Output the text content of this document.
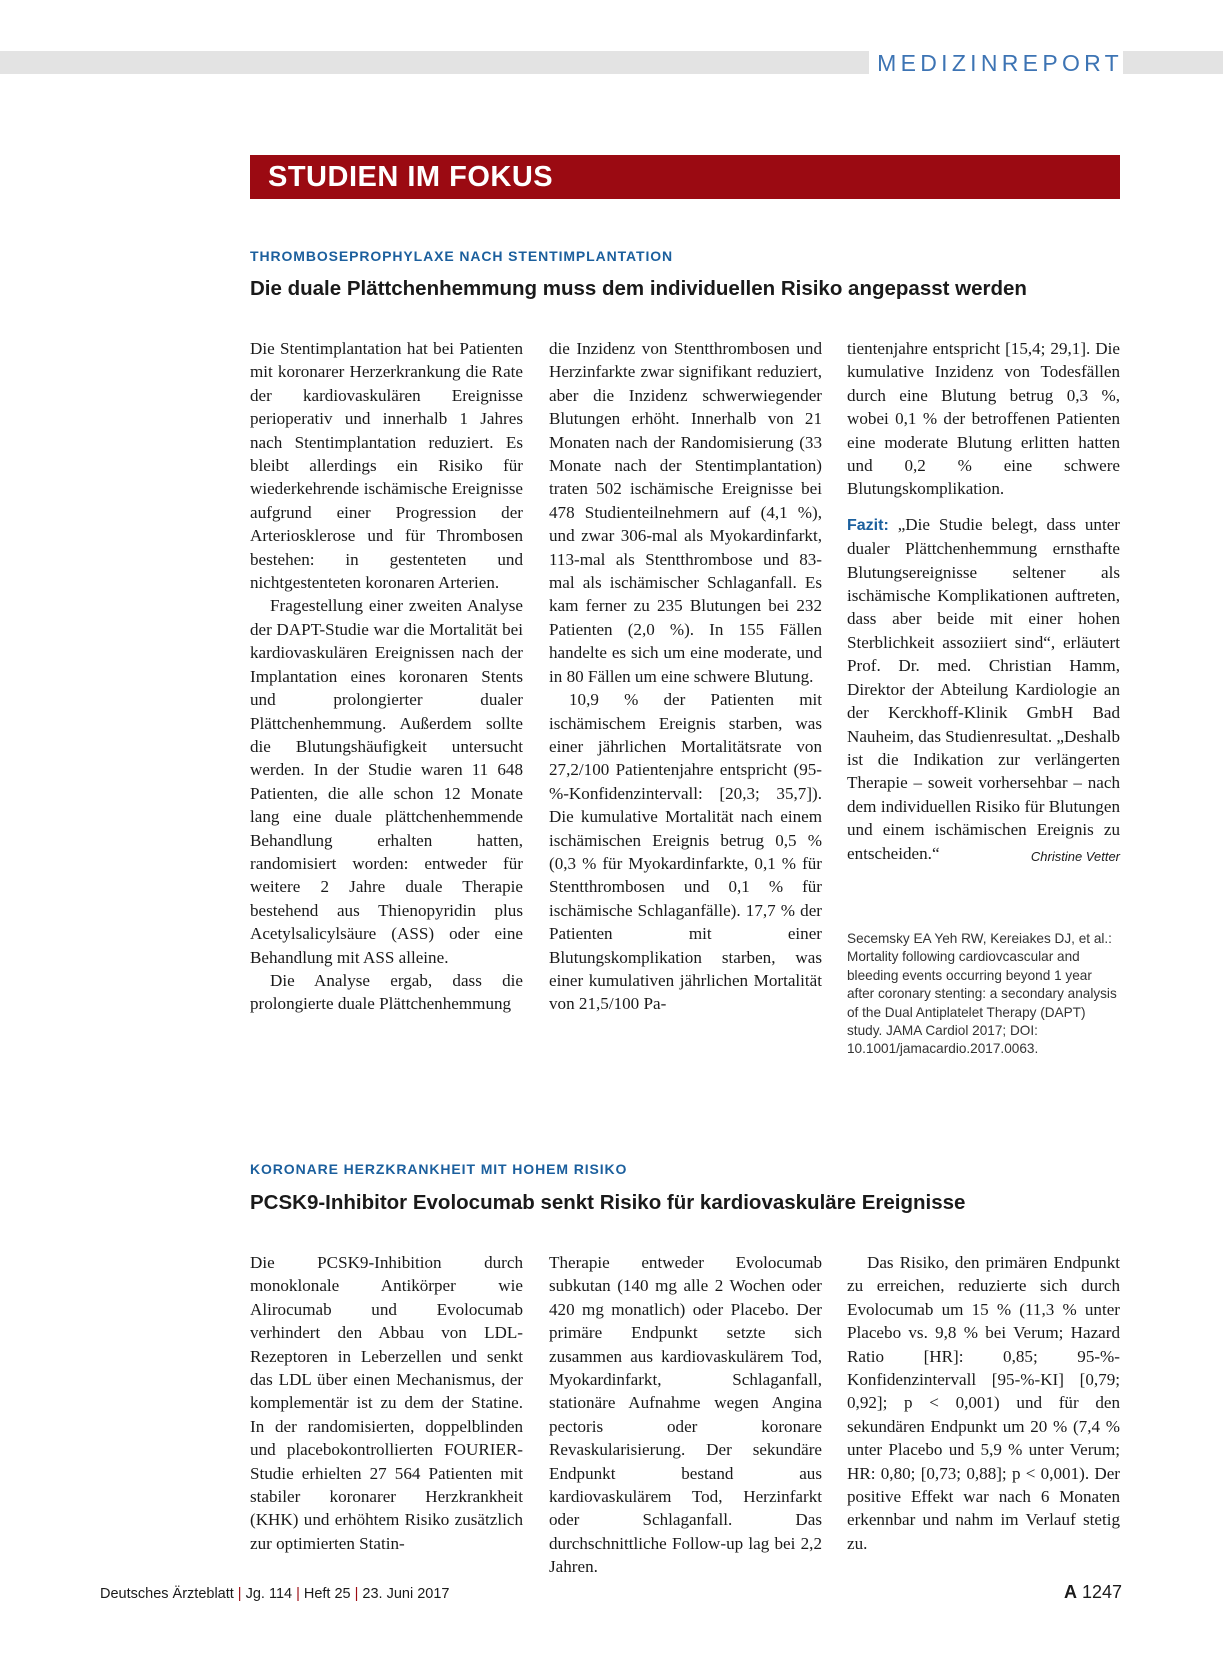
MEDIZINREPORT
STUDIEN IM FOKUS
THROMBOSEPROPHYLAXE NACH STENTIMPLANTATION
Die duale Plättchenhemmung muss dem individuellen Risiko angepasst werden

Die Stentimplantation hat bei Patienten mit koronarer Herzerkrankung die Rate der kardiovaskulären Ereignisse perioperativ und innerhalb 1 Jahres nach Stentimplantation reduziert. Es bleibt allerdings ein Risiko für wiederkehrende ischämische Ereignisse aufgrund einer Progression der Arteriosklerose und für Thrombosen bestehen: in gestenteten und nichtgestenteten koronaren Arterien.

Fragestellung einer zweiten Analyse der DAPT-Studie war die Mortalität bei kardiovaskulären Ereignissen nach der Implantation eines koronaren Stents und prolongierter dualer Plättchenhemmung. Außerdem sollte die Blutungshäufigkeit untersucht werden. In der Studie waren 11 648 Patienten, die alle schon 12 Monate lang eine duale plättchenhemmende Behandlung erhalten hatten, randomisiert worden: entweder für weitere 2 Jahre duale Therapie bestehend aus Thienopyridin plus Acetylsalicylsäure (ASS) oder eine Behandlung mit ASS alleine.

Die Analyse ergab, dass die prolongierte duale Plättchenhemmung

die Inzidenz von Stentthrombosen und Herzinfarkte zwar signifikant reduziert, aber die Inzidenz schwerwiegender Blutungen erhöht. Innerhalb von 21 Monaten nach der Randomisierung (33 Monate nach der Stentimplantation) traten 502 ischämische Ereignisse bei 478 Studienteilnehmern auf (4,1 %), und zwar 306-mal als Myokardinfarkt, 113-mal als Stentthrombose und 83-mal als ischämischer Schlaganfall. Es kam ferner zu 235 Blutungen bei 232 Patienten (2,0 %). In 155 Fällen handelte es sich um eine moderate, und in 80 Fällen um eine schwere Blutung.

10,9 % der Patienten mit ischämischem Ereignis starben, was einer jährlichen Mortalitätsrate von 27,2/100 Patientenjahre entspricht (95-%-Konfidenzintervall: [20,3; 35,7]). Die kumulative Mortalität nach einem ischämischen Ereignis betrug 0,5 % (0,3 % für Myokardinfarkte, 0,1 % für Stentthrombosen und 0,1 % für ischämische Schlaganfälle). 17,7 % der Patienten mit einer Blutungskomplikation starben, was einer kumulativen jährlichen Mortalität von 21,5/100 Pa-

tientenjahre entspricht [15,4; 29,1]. Die kumulative Inzidenz von Todesfällen durch eine Blutung betrug 0,3 %, wobei 0,1 % der betroffenen Patienten eine moderate Blutung erlitten hatten und 0,2 % eine schwere Blutungskomplikation.

Fazit: „Die Studie belegt, dass unter dualer Plättchenhemmung ernsthafte Blutungsereignisse seltener als ischämische Komplikationen auftreten, dass aber beide mit einer hohen Sterblichkeit assoziiert sind“, erläutert Prof. Dr. med. Christian Hamm, Direktor der Abteilung Kardiologie an der Kerckhoff-Klinik GmbH Bad Nauheim, das Studienresultat. „Deshalb ist die Indikation zur verlängerten Therapie – soweit vorhersehbar – nach dem individuellen Risiko für Blutungen und einem ischämischen Ereignis zu entscheiden.“	Christine Vetter

Secemsky EA Yeh RW, Kereiakes DJ, et al.: Mortality following cardiovcascular and bleeding events occurring beyond 1 year after coronary stenting: a secondary analysis of the Dual Antiplatelet Therapy (DAPT) study. JAMA Cardiol 2017; DOI: 10.1001/jamacardio.2017.0063.
KORONARE HERZKRANKHEIT MIT HOHEM RISIKO
PCSK9-Inhibitor Evolocumab senkt Risiko für kardiovaskuläre Ereignisse

Die PCSK9-Inhibition durch monoklonale Antikörper wie Alirocumab und Evolocumab verhindert den Abbau von LDL-Rezeptoren in Leberzellen und senkt das LDL über einen Mechanismus, der komplementär ist zu dem der Statine. In der randomisierten, doppelblinden und placebokontrollierten FOURIER-Studie erhielten 27 564 Patienten mit stabiler koronarer Herzkrankheit (KHK) und erhöhtem Risiko zusätzlich zur optimierten Statin-

Therapie entweder Evolocumab subkutan (140 mg alle 2 Wochen oder 420 mg monatlich) oder Placebo. Der primäre Endpunkt setzte sich zusammen aus kardiovaskulärem Tod, Myokardinfarkt, Schlaganfall, stationäre Aufnahme wegen Angina pectoris oder koronare Revaskularisierung. Der sekundäre Endpunkt bestand aus kardiovaskulärem Tod, Herzinfarkt oder Schlaganfall. Das durchschnittliche Follow-up lag bei 2,2 Jahren.

Das Risiko, den primären Endpunkt zu erreichen, reduzierte sich durch Evolocumab um 15 % (11,3 % unter Placebo vs. 9,8 % bei Verum; Hazard Ratio [HR]: 0,85; 95-%-Konfidenzintervall [95-%-KI] [0,79; 0,92]; p < 0,001) und für den sekundären Endpunkt um 20 % (7,4 % unter Placebo und 5,9 % unter Verum; HR: 0,80; [0,73; 0,88]; p < 0,001). Der positive Effekt war nach 6 Monaten erkennbar und nahm im Verlauf stetig zu.

Deutsches Ärzteblatt | Jg. 114 | Heft 25 | 23. Juni 2017	A 1247
